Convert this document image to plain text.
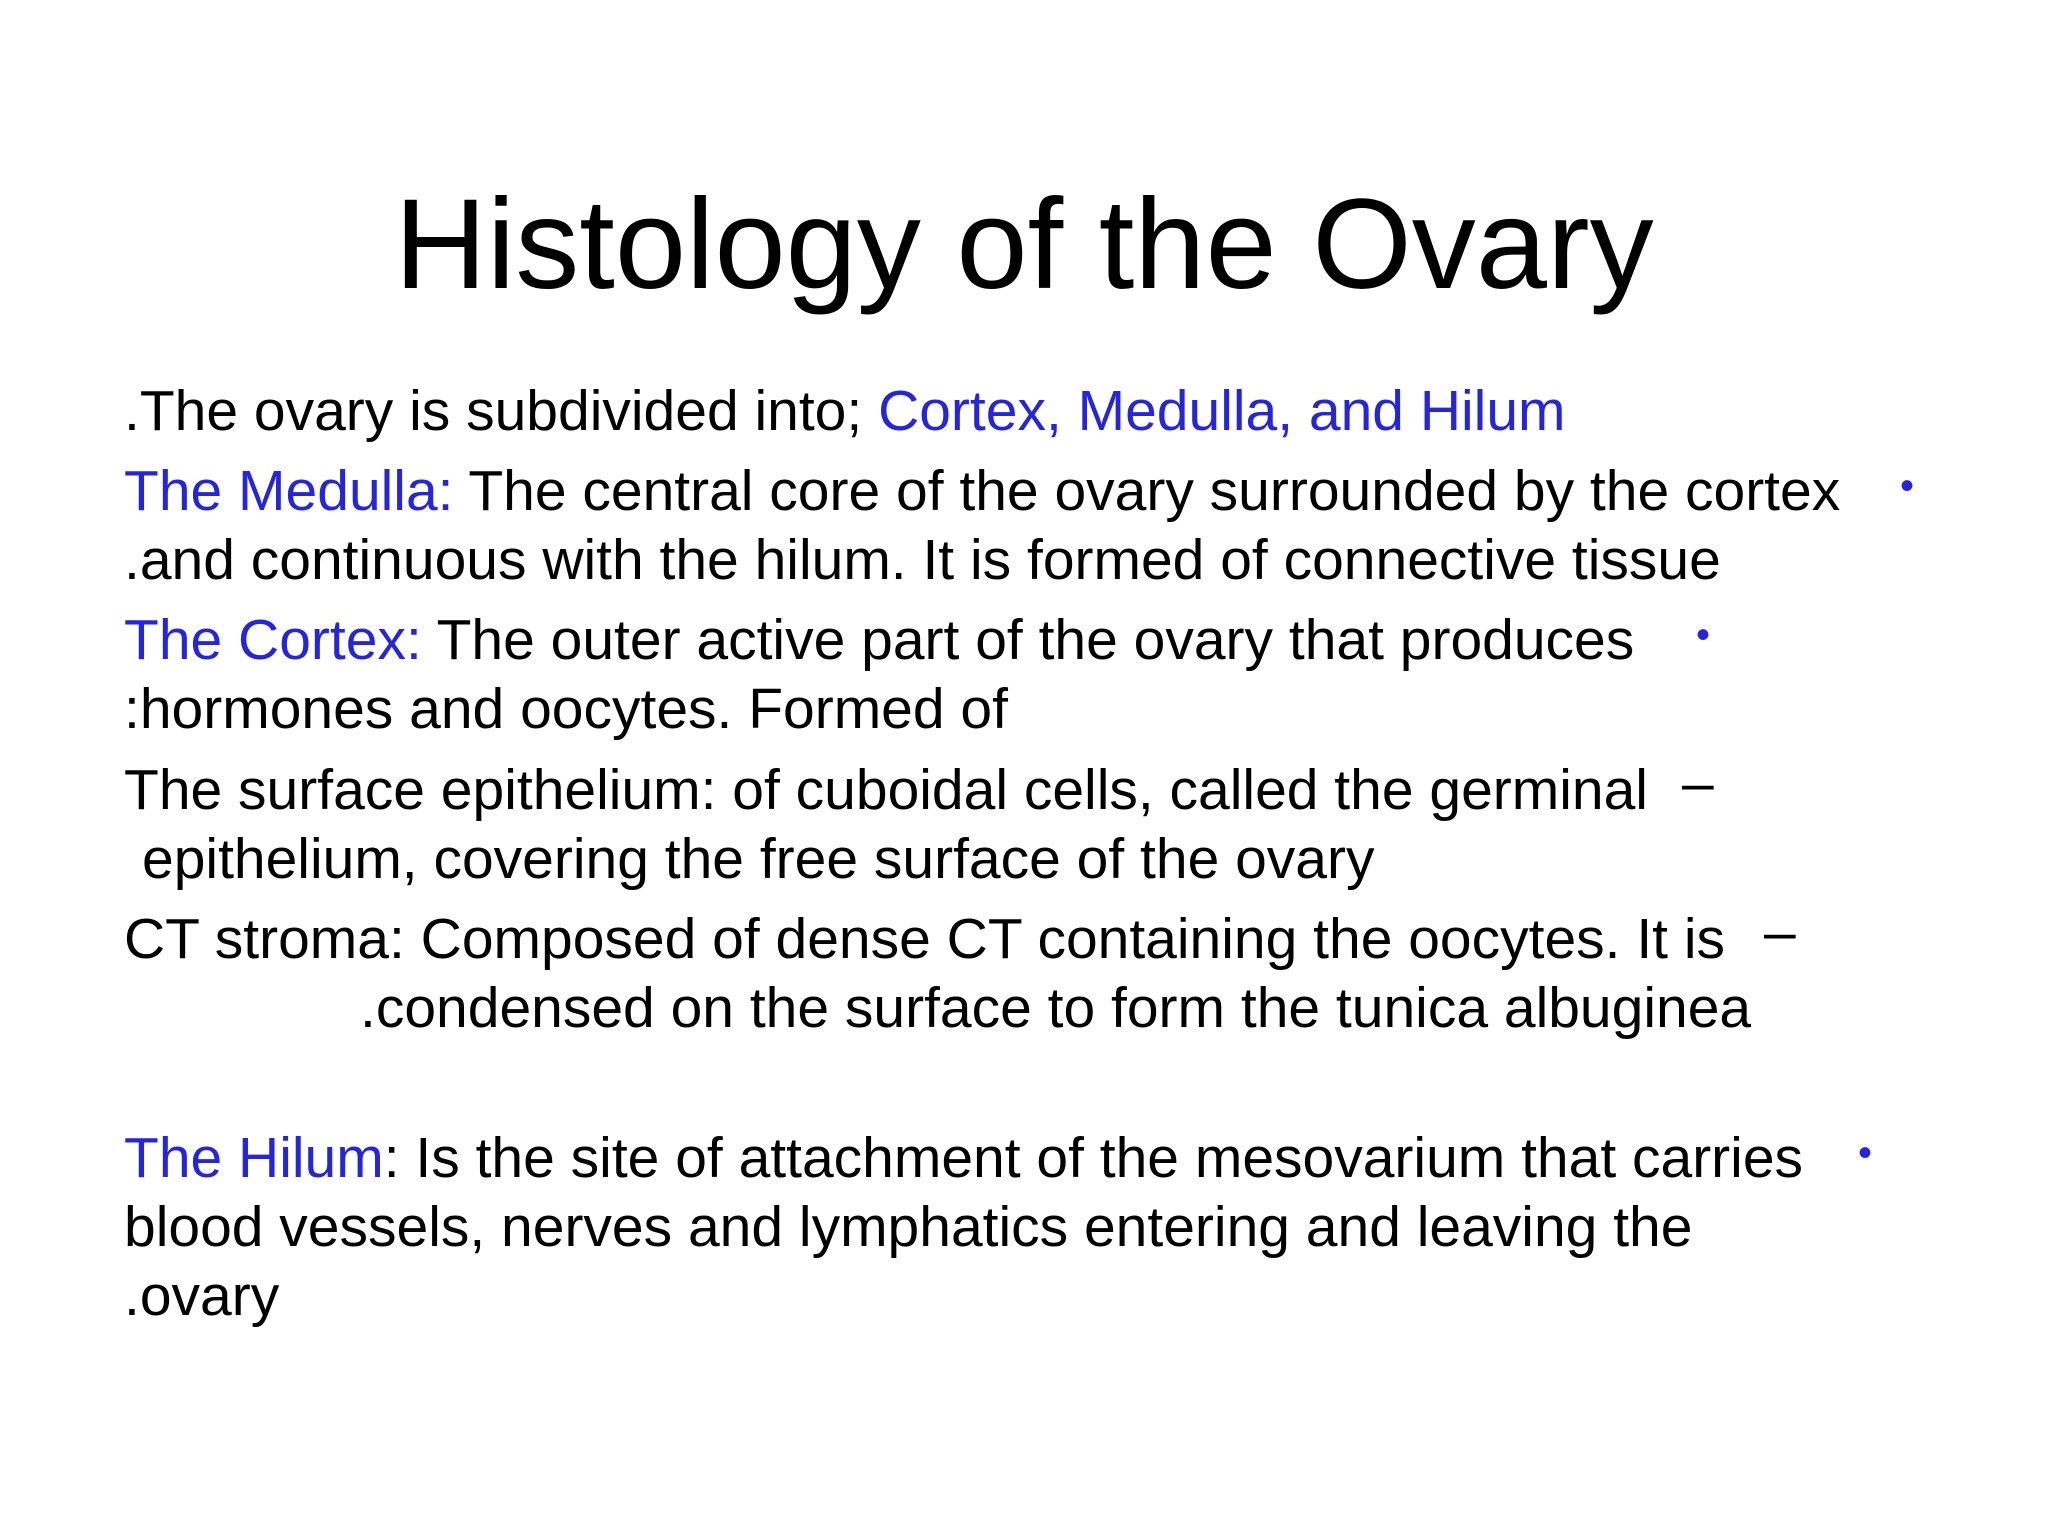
Histology of the Ovary
.The ovary is subdivided into; Cortex, Medulla, and Hilum
The Medulla: The central core of the ovary surrounded by the cortex •
.and continuous with the hilum. It is formed of connective tissue
The Cortex: The outer active part of the ovary that produces •
:hormones and oocytes. Formed of
The surface epithelium: of cuboidal cells, called the germinal –
epithelium, covering the free surface of the ovary
CT stroma: Composed of dense CT containing the oocytes. It is –
.condensed on the surface to form the tunica albuginea
The Hilum: Is the site of attachment of the mesovarium that carries •
blood vessels, nerves and lymphatics entering and leaving the
.ovary
